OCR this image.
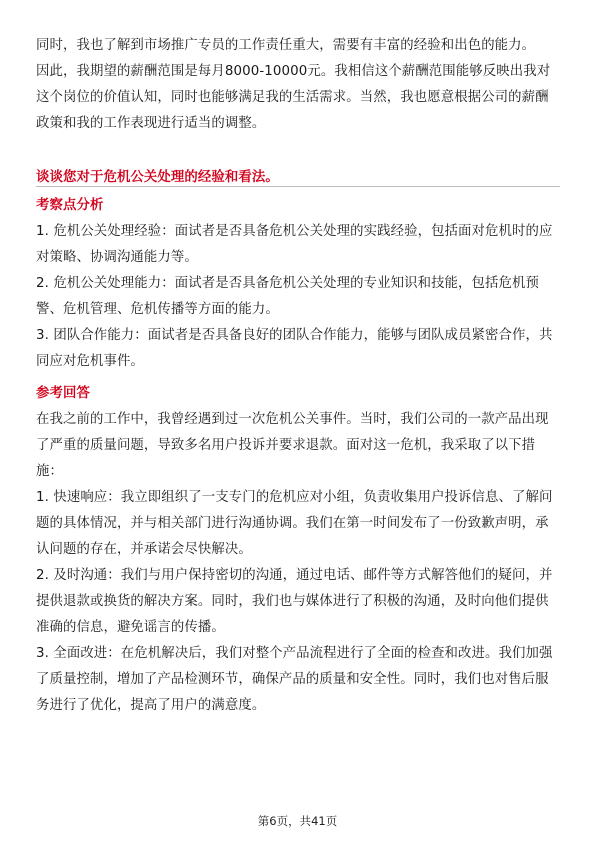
同时，我也了解到市场推广专员的工作责任重大，需要有丰富的经验和出色的能力。

因此，我期望的薪酬范围是每月8000-10000元。我相信这个薪酬范围能够反映出我对这个岗位的价值认知，同时也能够满足我的生活需求。当然，我也愿意根据公司的薪酬政策和我的工作表现进行适当的调整。

谈谈您对于危机公关处理的经验和看法。

考察点分析

1. 危机公关处理经验：面试者是否具备危机公关处理的实践经验，包括面对危机时的应对策略、协调沟通能力等。

2. 危机公关处理能力：面试者是否具备危机公关处理的专业知识和技能，包括危机预警、危机管理、危机传播等方面的能力。

3. 团队合作能力：面试者是否具备良好的团队合作能力，能够与团队成员紧密合作，共同应对危机事件。

参考回答

在我之前的工作中，我曾经遇到过一次危机公关事件。当时，我们公司的一款产品出现了严重的质量问题，导致多名用户投诉并要求退款。面对这一危机，我采取了以下措施：

1. 快速响应：我立即组织了一支专门的危机应对小组，负责收集用户投诉信息、了解问题的具体情况，并与相关部门进行沟通协调。我们在第一时间发布了一份致歉声明，承认问题的存在，并承诺会尽快解决。

2. 及时沟通：我们与用户保持密切的沟通，通过电话、邮件等方式解答他们的疑问，并提供退款或换货的解决方案。同时，我们也与媒体进行了积极的沟通，及时向他们提供准确的信息，避免谣言的传播。

3. 全面改进：在危机解决后，我们对整个产品流程进行了全面的检查和改进。我们加强了质量控制，增加了产品检测环节，确保产品的质量和安全性。同时，我们也对售后服务进行了优化，提高了用户的满意度。

第6页，共41页
